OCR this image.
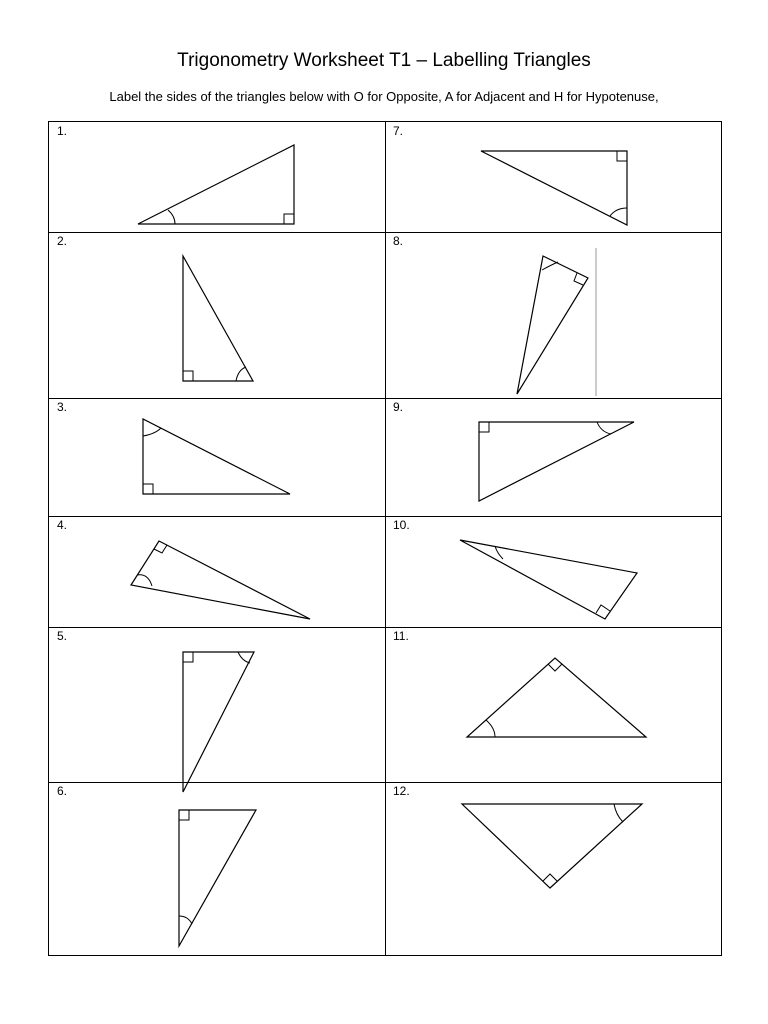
Trigonometry Worksheet T1 – Labelling Triangles
Label the sides of the triangles below with O for Opposite, A for Adjacent and H for Hypotenuse,
1.
2.
3.
4.
5.
6.
7.
8.
9.
10.
11.
12.
